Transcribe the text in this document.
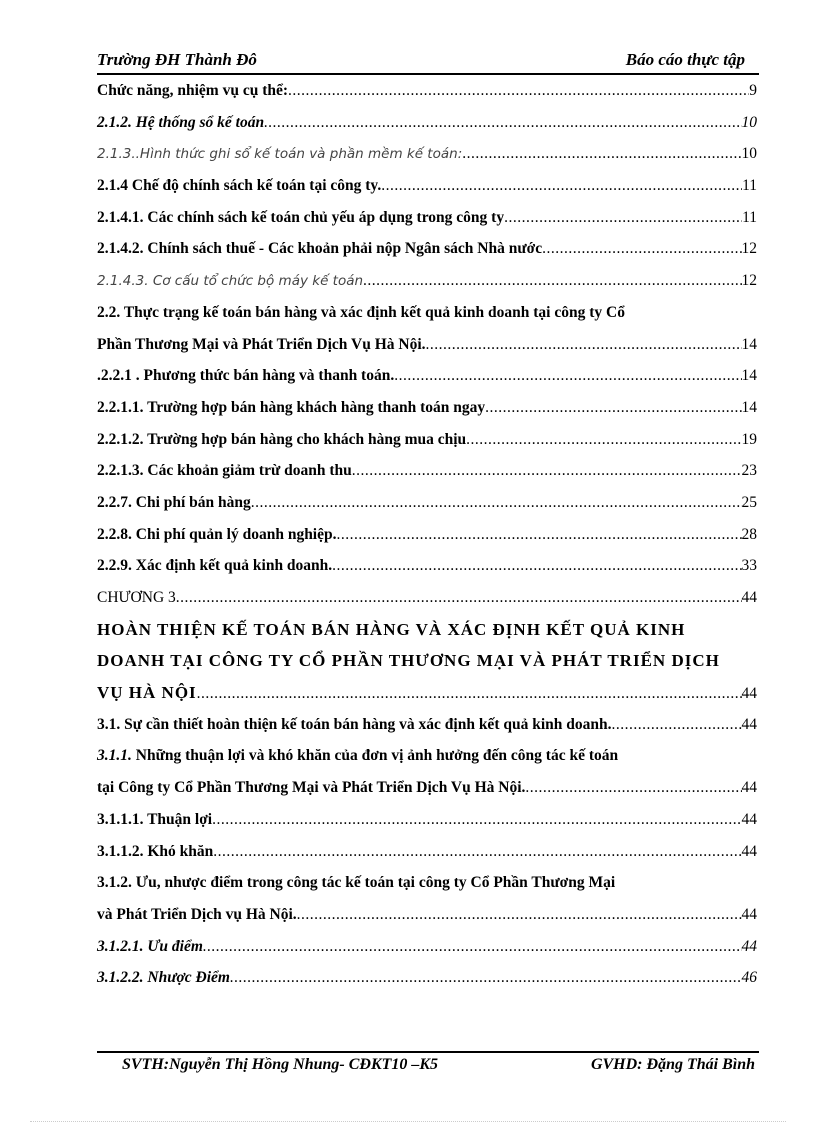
Trường ĐH Thành Đô	Báo cáo thực tập
Chức năng, nhiệm vụ cụ thể: .....	9
2.1.2. Hệ thống sổ kế toán .....	10
2.1.3..Hình thức ghi sổ kế toán và phần mềm kế toán: .....	10
2.1.4 Chế độ chính sách kế toán tại công ty. .....	11
2.1.4.1. Các chính sách kế toán chủ yếu áp dụng trong công ty .....	11
2.1.4.2. Chính sách thuế - Các khoản phải nộp Ngân sách Nhà nước .....	12
2.1.4.3. Cơ cấu tổ chức bộ máy kế toán .....	12
2.2. Thực trạng kế toán bán hàng và xác định kết quả kinh doanh tại công ty Cổ
Phần Thương Mại và Phát Triển Dịch Vụ Hà Nội. .....	14
.2.2.1 . Phương thức bán hàng và thanh toán. .....	14
2.2.1.1. Trường hợp bán hàng khách hàng thanh toán ngay .....	14
2.2.1.2. Trường hợp bán hàng cho khách hàng mua chịu .....	19
2.2.1.3. Các khoản giảm trừ doanh thu .....	23
2.2.7. Chi phí bán hàng .....	25
2.2.8. Chi phí quản lý doanh nghiệp. .....	28
2.2.9. Xác định kết quả kinh doanh. .....	33
CHƯƠNG 3 .....	44
HOÀN THIỆN KẾ TOÁN BÁN HÀNG VÀ XÁC ĐỊNH KẾT QUẢ KINH
DOANH TẠI CÔNG TY CỔ PHẦN THƯƠNG MẠI VÀ PHÁT TRIỂN DỊCH
VỤ HÀ NỘI .....	44
3.1. Sự cần thiết hoàn thiện kế toán bán hàng và xác định kết quả kinh doanh. .....	44
3.1.1. Những thuận lợi và khó khăn của đơn vị ảnh hưởng đến công tác kế toán
tại Công ty Cổ Phần Thương Mại và Phát Triển Dịch Vụ Hà Nội. .....	44
3.1.1.1. Thuận lợi .....	44
3.1.1.2. Khó khăn .....	44
3.1.2. Ưu, nhược điểm trong công tác kế toán tại công ty Cổ Phần Thương Mại
và Phát Triển Dịch vụ Hà Nội. .....	44
3.1.2.1. Ưu điểm .....	44
3.1.2.2. Nhược Điểm .....	46
SVTH:Nguyễn Thị Hồng Nhung- CĐKT10 –K5	GVHD: Đặng Thái Bình
